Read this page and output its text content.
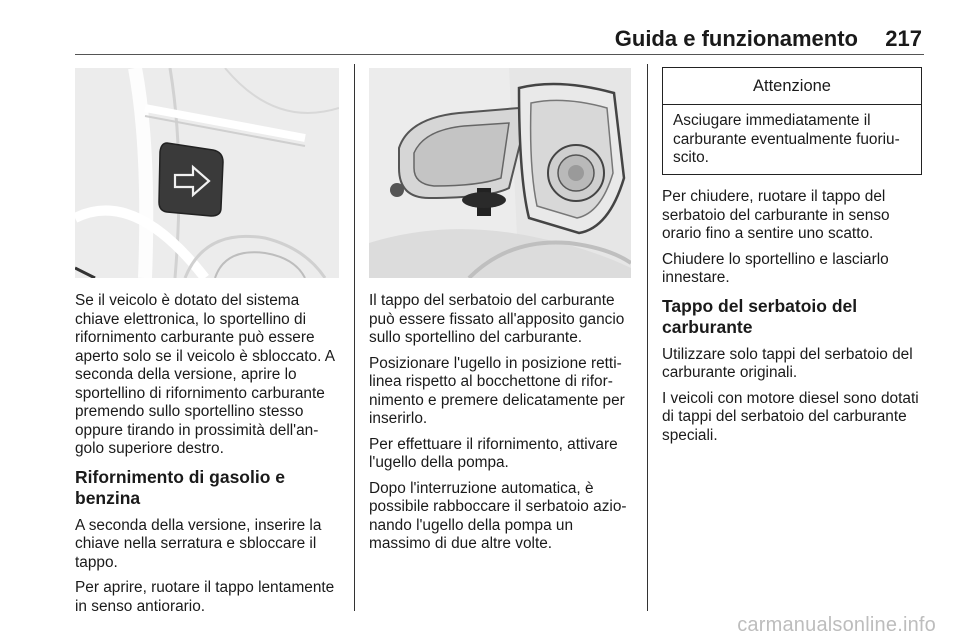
Guida e funzionamento	217

Se il veicolo è dotato del sistema chiave elettronica, lo sportellino di rifornimento carburante può essere aperto solo se il veicolo è sbloccato. A seconda della versione, aprire lo sportellino di rifornimento carburante premendo sullo sportellino stesso oppure tirando in prossimità dell'angolo superiore destro.

Rifornimento di gasolio e benzina

A seconda della versione, inserire la chiave nella serratura e sbloccare il tappo.

Per aprire, ruotare il tappo lentamente in senso antiorario.

Il tappo del serbatoio del carburante può essere fissato all'apposito gancio sullo sportellino del carburante.

Posizionare l'ugello in posizione rettilinea rispetto al bocchettone di rifornimento e premere delicatamente per inserirlo.

Per effettuare il rifornimento, attivare l'ugello della pompa.

Dopo l'interruzione automatica, è possibile rabboccare il serbatoio azionando l'ugello della pompa un massimo di due altre volte.

Attenzione
Asciugare immediatamente il carburante eventualmente fuoriuscito.

Per chiudere, ruotare il tappo del serbatoio del carburante in senso orario fino a sentire uno scatto.

Chiudere lo sportellino e lasciarlo innestare.

Tappo del serbatoio del carburante

Utilizzare solo tappi del serbatoio del carburante originali.

I veicoli con motore diesel sono dotati di tappi del serbatoio del carburante speciali.

carmanualsonline.info
